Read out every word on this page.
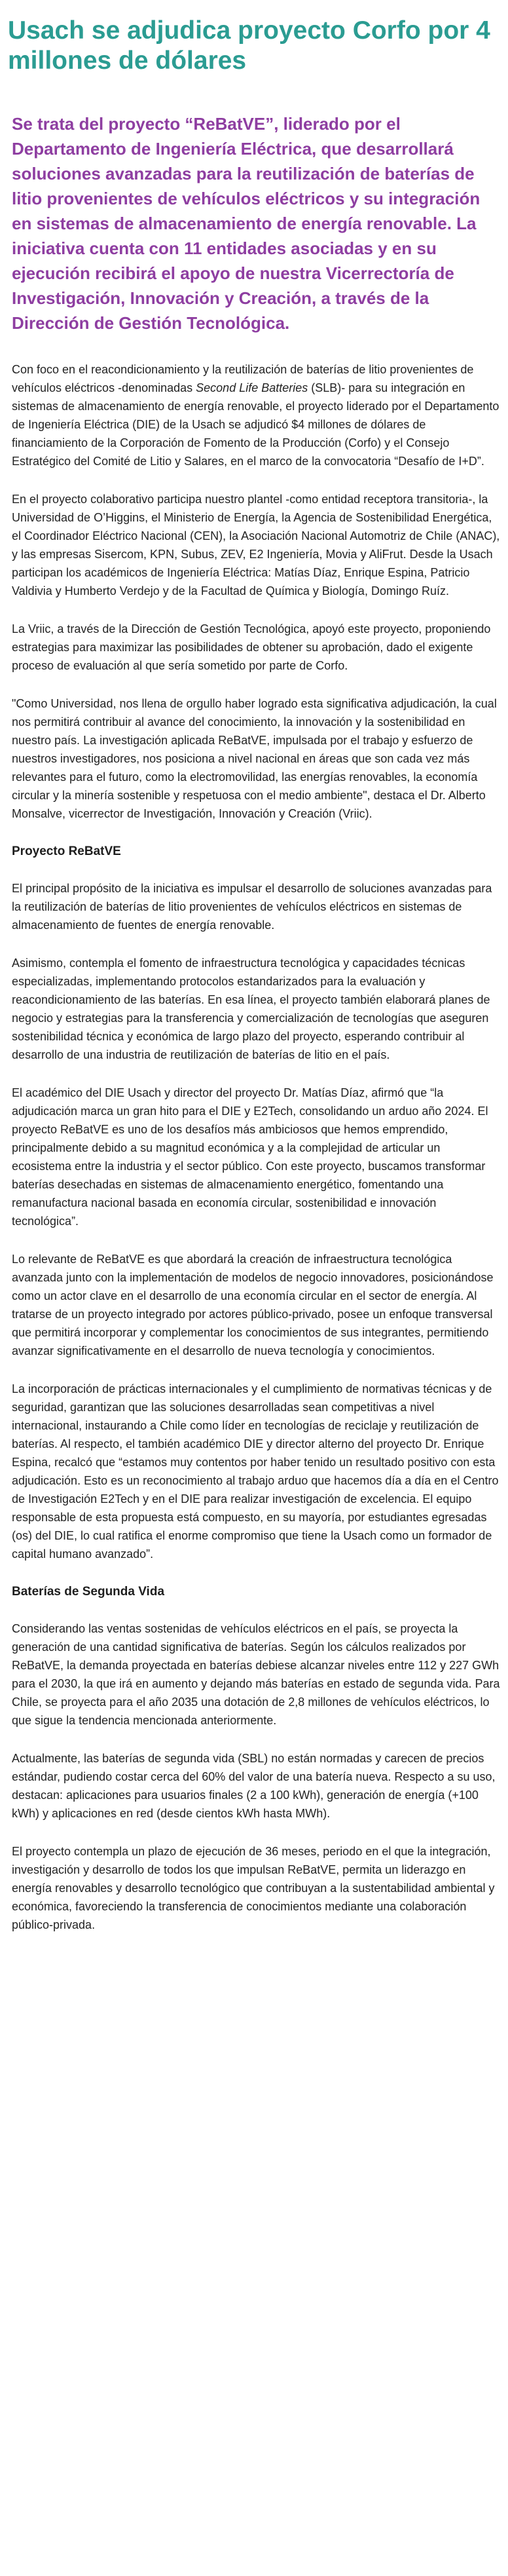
Usach se adjudica proyecto Corfo por 4 millones de dólares

Se trata del proyecto “ReBatVE”, liderado por el Departamento de Ingeniería Eléctrica, que desarrollará soluciones avanzadas para la reutilización de baterías de litio provenientes de vehículos eléctricos y su integración en sistemas de almacenamiento de energía renovable. La iniciativa cuenta con 11 entidades asociadas y en su ejecución recibirá el apoyo de nuestra Vicerrectoría de Investigación, Innovación y Creación, a través de la Dirección de Gestión Tecnológica.

Con foco en el reacondicionamiento y la reutilización de baterías de litio provenientes de vehículos eléctricos -denominadas Second Life Batteries (SLB)- para su integración en sistemas de almacenamiento de energía renovable, el proyecto liderado por el Departamento de Ingeniería Eléctrica (DIE) de la Usach se adjudicó $4 millones de dólares de financiamiento de la Corporación de Fomento de la Producción (Corfo) y el Consejo Estratégico del Comité de Litio y Salares, en el marco de la convocatoria “Desafío de I+D”.

En el proyecto colaborativo participa nuestro plantel -como entidad receptora transitoria-, la Universidad de O’Higgins, el Ministerio de Energía, la Agencia de Sostenibilidad Energética, el Coordinador Eléctrico Nacional (CEN), la Asociación Nacional Automotriz de Chile (ANAC), y las empresas Sisercom, KPN, Subus, ZEV, E2 Ingeniería, Movia y AliFrut. Desde la Usach participan los académicos de Ingeniería Eléctrica: Matías Díaz, Enrique Espina, Patricio Valdivia y Humberto Verdejo y de la Facultad de Química y Biología, Domingo Ruíz.

La Vriic, a través de la Dirección de Gestión Tecnológica, apoyó este proyecto, proponiendo estrategias para maximizar las posibilidades de obtener su aprobación, dado el exigente proceso de evaluación al que sería sometido por parte de Corfo.

"Como Universidad, nos llena de orgullo haber logrado esta significativa adjudicación, la cual nos permitirá contribuir al avance del conocimiento, la innovación y la sostenibilidad en nuestro país. La investigación aplicada ReBatVE, impulsada por el trabajo y esfuerzo de nuestros investigadores, nos posiciona a nivel nacional en áreas que son cada vez más relevantes para el futuro, como la electromovilidad, las energías renovables, la economía circular y la minería sostenible y respetuosa con el medio ambiente", destaca el Dr. Alberto Monsalve, vicerrector de Investigación, Innovación y Creación (Vriic).

Proyecto ReBatVE

El principal propósito de la iniciativa es impulsar el desarrollo de soluciones avanzadas para la reutilización de baterías de litio provenientes de vehículos eléctricos en sistemas de almacenamiento de fuentes de energía renovable.

Asimismo, contempla el fomento de infraestructura tecnológica y capacidades técnicas especializadas, implementando protocolos estandarizados para la evaluación y reacondicionamiento de las baterías. En esa línea, el proyecto también elaborará planes de negocio y estrategias para la transferencia y comercialización de tecnologías que aseguren sostenibilidad técnica y económica de largo plazo del proyecto, esperando contribuir al desarrollo de una industria de reutilización de baterías de litio en el país.

El académico del DIE Usach y director del proyecto Dr. Matías Díaz, afirmó que “la adjudicación marca un gran hito para el DIE y E2Tech, consolidando un arduo año 2024. El proyecto ReBatVE es uno de los desafíos más ambiciosos que hemos emprendido, principalmente debido a su magnitud económica y a la complejidad de articular un ecosistema entre la industria y el sector público. Con este proyecto, buscamos transformar baterías desechadas en sistemas de almacenamiento energético, fomentando una remanufactura nacional basada en economía circular, sostenibilidad e innovación tecnológica”.

Lo relevante de ReBatVE es que abordará la creación de infraestructura tecnológica avanzada junto con la implementación de modelos de negocio innovadores, posicionándose como un actor clave en el desarrollo de una economía circular en el sector de energía. Al tratarse de un proyecto integrado por actores público-privado, posee un enfoque transversal que permitirá incorporar y complementar los conocimientos de sus integrantes, permitiendo avanzar significativamente en el desarrollo de nueva tecnología y conocimientos.

La incorporación de prácticas internacionales y el cumplimiento de normativas técnicas y de seguridad, garantizan que las soluciones desarrolladas sean competitivas a nivel internacional, instaurando a Chile como líder en tecnologías de reciclaje y reutilización de baterías. Al respecto, el también académico DIE y director alterno del proyecto Dr. Enrique Espina, recalcó que “estamos muy contentos por haber tenido un resultado positivo con esta adjudicación. Esto es un reconocimiento al trabajo arduo que hacemos día a día en el Centro de Investigación E2Tech y en el DIE para realizar investigación de excelencia. El equipo responsable de esta propuesta está compuesto, en su mayoría, por estudiantes egresadas (os) del DIE, lo cual ratifica el enorme compromiso que tiene la Usach como un formador de capital humano avanzado”.

Baterías de Segunda Vida

Considerando las ventas sostenidas de vehículos eléctricos en el país, se proyecta la generación de una cantidad significativa de baterías. Según los cálculos realizados por ReBatVE, la demanda proyectada en baterías debiese alcanzar niveles entre 112 y 227 GWh para el 2030, la que irá en aumento y dejando más baterías en estado de segunda vida. Para Chile, se proyecta para el año 2035 una dotación de 2,8 millones de vehículos eléctricos, lo que sigue la tendencia mencionada anteriormente.

Actualmente, las baterías de segunda vida (SBL) no están normadas y carecen de precios estándar, pudiendo costar cerca del 60% del valor de una batería nueva. Respecto a su uso, destacan: aplicaciones para usuarios finales (2 a 100 kWh), generación de energía (+100 kWh) y aplicaciones en red (desde cientos kWh hasta MWh).

El proyecto contempla un plazo de ejecución de 36 meses, periodo en el que la integración, investigación y desarrollo de todos los que impulsan ReBatVE, permita un liderazgo en energía renovables y desarrollo tecnológico que contribuyan a la sustentabilidad ambiental y económica, favoreciendo la transferencia de conocimientos mediante una colaboración público-privada.
